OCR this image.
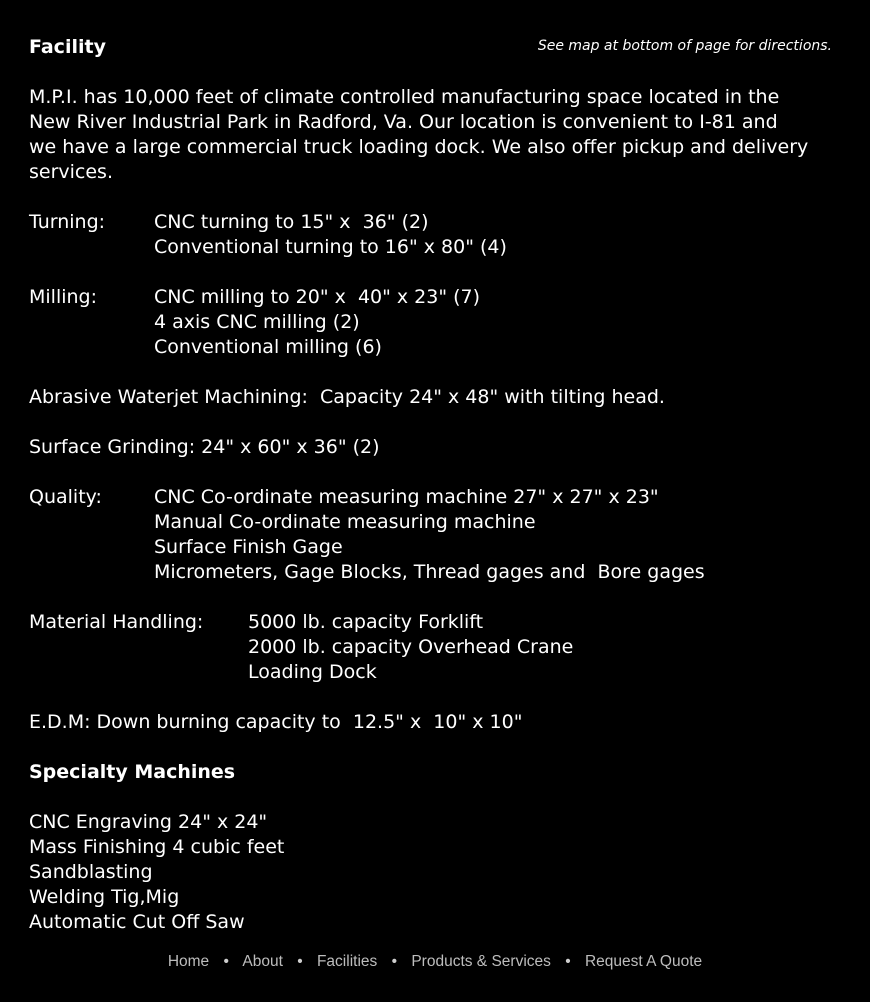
Facility	See map at bottom of page for directions.
M.P.I. has 10,000 feet of climate controlled manufacturing space located in the
New River Industrial Park in Radford, Va. Our location is convenient to I-81 and
we have a large commercial truck loading dock. We also offer pickup and delivery
services.
Turning:	CNC turning to 15" x  36" (2)
Conventional turning to 16" x 80" (4)
Milling:	CNC milling to 20" x  40" x 23" (7)
4 axis CNC milling (2)
Conventional milling (6)
Abrasive Waterjet Machining:  Capacity 24" x 48" with tilting head.
Surface Grinding: 24" x 60" x 36" (2)
Quality:	CNC Co-ordinate measuring machine 27" x 27" x 23"
Manual Co-ordinate measuring machine
Surface Finish Gage
Micrometers, Gage Blocks, Thread gages and  Bore gages
Material Handling:	5000 lb. capacity Forklift
2000 lb. capacity Overhead Crane
Loading Dock
E.D.M: Down burning capacity to  12.5" x  10" x 10"
Specialty Machines
CNC Engraving 24" x 24"
Mass Finishing 4 cubic feet
Sandblasting
Welding Tig,Mig
Automatic Cut Off Saw
Home • About • Facilities • Products & Services • Request A Quote
